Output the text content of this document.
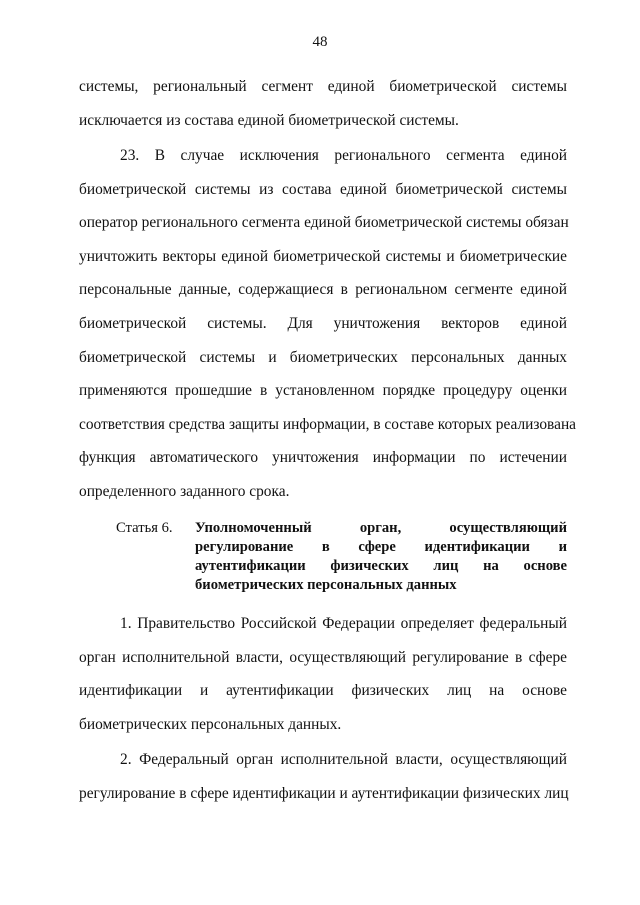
48
системы, региональный сегмент единой биометрической системы
исключается из состава единой биометрической системы.
23. В случае исключения регионального сегмента единой
биометрической системы из состава единой биометрической системы
оператор регионального сегмента единой биометрической системы обязан
уничтожить векторы единой биометрической системы и биометрические
персональные данные, содержащиеся в региональном сегменте единой
биометрической системы. Для уничтожения векторов единой
биометрической системы и биометрических персональных данных
применяются прошедшие в установленном порядке процедуру оценки
соответствия средства защиты информации, в составе которых реализована
функция автоматического уничтожения информации по истечении
определенного заданного срока.
Статья 6. Уполномоченный орган, осуществляющий
регулирование в сфере идентификации и
аутентификации физических лиц на основе
биометрических персональных данных
1. Правительство Российской Федерации определяет федеральный
орган исполнительной власти, осуществляющий регулирование в сфере
идентификации и аутентификации физических лиц на основе
биометрических персональных данных.
2. Федеральный орган исполнительной власти, осуществляющий
регулирование в сфере идентификации и аутентификации физических лиц
